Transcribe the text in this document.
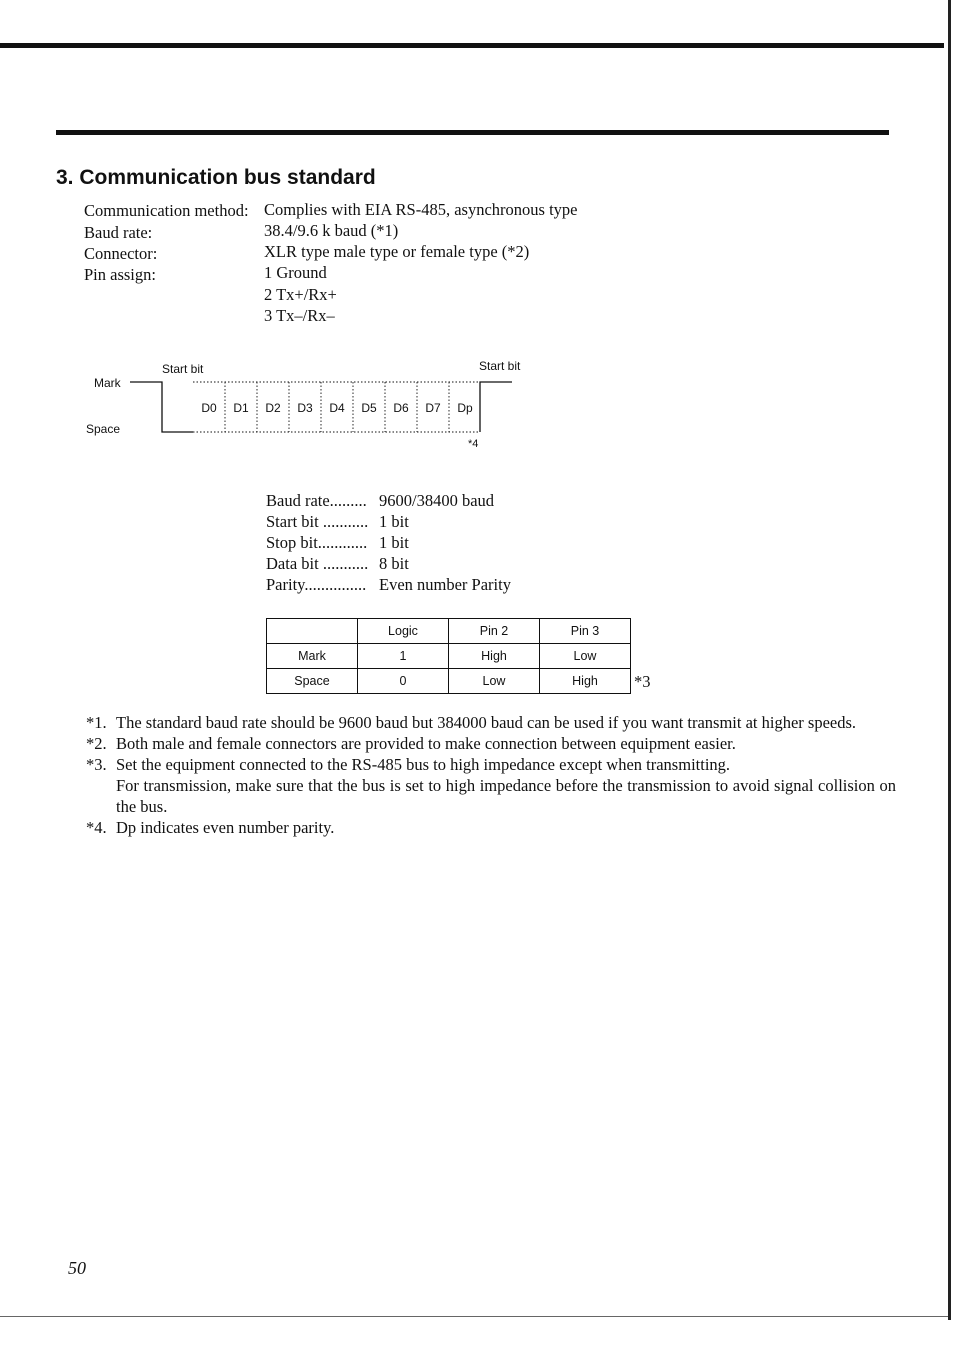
3. Communication bus standard
Communication method: Complies with EIA RS-485, asynchronous type
Baud rate:	38.4/9.6 k baud (*1)
Connector:	XLR type male type or female type (*2)
Pin assign:	1 Ground
2 Tx+/Rx+
3 Tx–/Rx–
Mark
Space
Start bit	Start bit
*4
D0 D1 D2 D3 D4 D5 D6 D7 Dp
Baud rate......... 9600/38400 baud
Start bit ........... 1 bit
Stop bit............ 1 bit
Data bit ........... 8 bit
Parity............... Even number Parity
	Logic	Pin 2	Pin 3
Mark	1	High	Low
Space	0	Low	High *3
*1. The standard baud rate should be 9600 baud but 384000 baud can be used if you want transmit at higher speeds.
*2. Both male and female connectors are provided to make connection between equipment easier.
*3. Set the equipment connected to the RS-485 bus to high impedance except when transmitting.
For transmission, make sure that the bus is set to high impedance before the transmission to avoid signal collision on the bus.
*4. Dp indicates even number parity.
50
